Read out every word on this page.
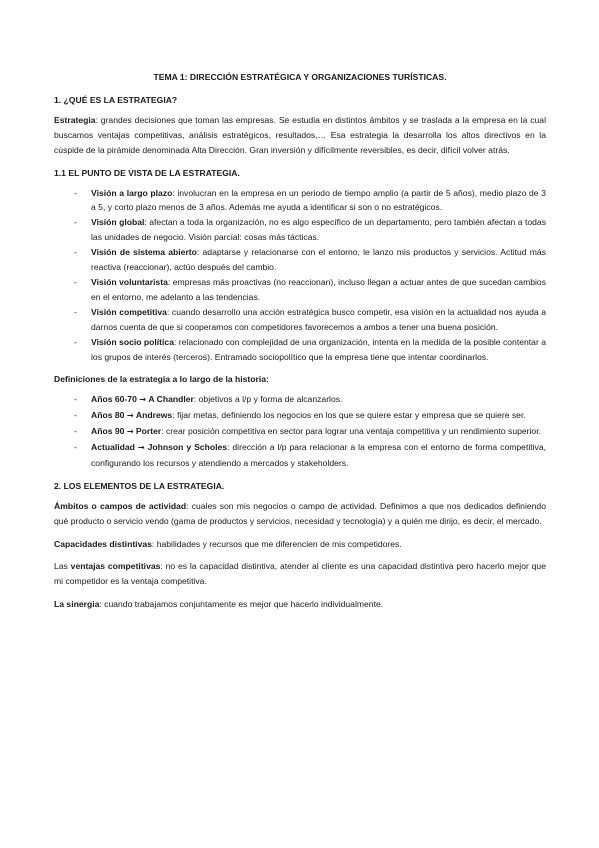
TEMA 1: DIRECCIÓN ESTRATÉGICA Y ORGANIZACIONES TURÍSTICAS.
1. ¿QUÉ ES LA ESTRATEGIA?

Estrategia: grandes decisiones que toman las empresas. Se estudia en distintos ámbitos y se traslada a la empresa en la cual buscamos ventajas competitivas, análisis estratégicos, resultados,… Esa estrategia la desarrolla los altos directivos en la cúspide de la pirámide denominada Alta Dirección. Gran inversión y difícilmente reversibles, es decir, difícil volver atrás.

1.1 EL PUNTO DE VISTA DE LA ESTRATEGIA.
- Visión a largo plazo: involucran en la empresa en un periodo de tiempo amplio (a partir de 5 años), medio plazo de 3 a 5, y corto plazo menos de 3 años. Además me ayuda a identificar si son o no estratégicos.
- Visión global: afectan a toda la organización, no es algo específico de un departamento, pero también afectan a todas las unidades de negocio. Visión parcial: cosas más tácticas.
- Visión de sistema abierto: adaptarse y relacionarse con el entorno, le lanzo mis productos y servicios. Actitud más reactiva (reaccionar), actúo después del cambio.
- Visión voluntarista: empresas más proactivas (no reaccionan), incluso llegan a actuar antes de que sucedan cambios en el entorno, me adelanto a las tendencias.
- Visión competitiva: cuando desarrollo una acción estratégica busco competir, esa visión en la actualidad nos ayuda a darnos cuenta de que si cooperamos con competidores favorecemos a ambos a tener una buena posición.
- Visión socio política: relacionado con complejidad de una organización, intenta en la medida de la posible contentar a los grupos de interés (terceros). Entramado sociopolítico que la empresa tiene que intentar coordinarlos.
Definiciones de la estrategia a lo largo de la historia:
- Años 60-70 → A Chandler: objetivos a l/p y forma de alcanzarlos.
- Años 80 → Andrews: fijar metas, definiendo los negocios en los que se quiere estar y empresa que se quiere ser.
- Años 90 → Porter: crear posición competitiva en sector para lograr una ventaja competitiva y un rendimiento superior.
- Actualidad → Johnson y Scholes: dirección a l/p para relacionar a la empresa con el entorno de forma competitiva, configurando los recursos y atendiendo a mercados y stakeholders.
2. LOS ELEMENTOS DE LA ESTRATEGIA.

Ámbitos o campos de actividad: cuales son mis negocios o campo de actividad. Definimos a que nos dedicados definiendo qué producto o servicio vendo (gama de productos y servicios, necesidad y tecnología) y a quién me dirijo, es decir, el mercado.

Capacidades distintivas: habilidades y recursos que me diferencien de mis competidores.

Las ventajas competitivas: no es la capacidad distintiva, atender al cliente es una capacidad distintiva pero hacerlo mejor que mi competidor es la ventaja competitiva.

La sinergia: cuando trabajamos conjuntamente es mejor que hacerlo individualmente.
